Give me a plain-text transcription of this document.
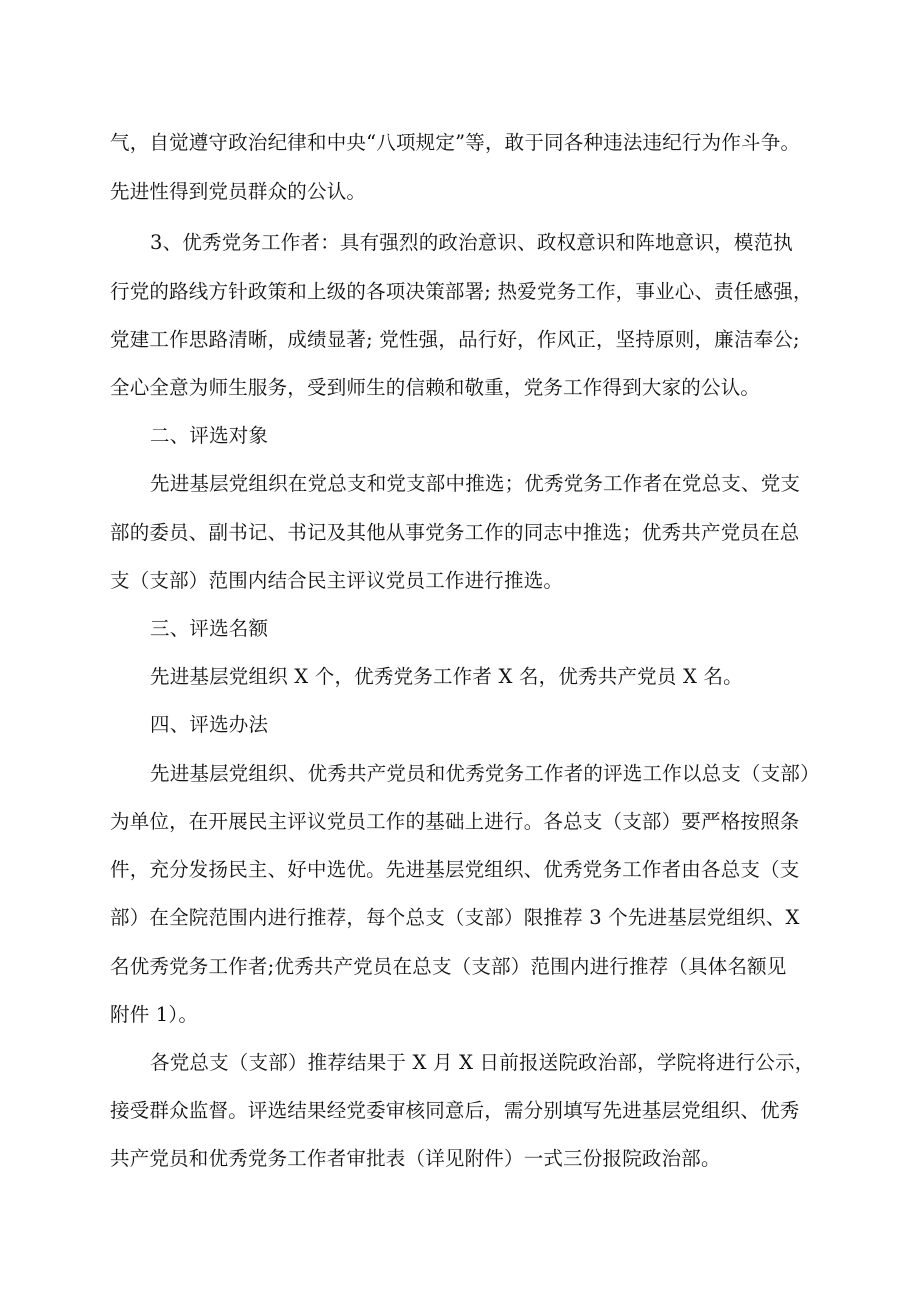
气，自觉遵守政治纪律和中央“八项规定”等，敢于同各种违法违纪行为作斗争。
先进性得到党员群众的公认。
3、优秀党务工作者：具有强烈的政治意识、政权意识和阵地意识，模范执
行党的路线方针政策和上级的各项决策部署; 热爱党务工作，事业心、责任感强，
党建工作思路清晰，成绩显著; 党性强，品行好，作风正，坚持原则，廉洁奉公;
全心全意为师生服务，受到师生的信赖和敬重，党务工作得到大家的公认。
二、评选对象
先进基层党组织在党总支和党支部中推选；优秀党务工作者在党总支、党支
部的委员、副书记、书记及其他从事党务工作的同志中推选；优秀共产党员在总
支（支部）范围内结合民主评议党员工作进行推选。
三、评选名额
先进基层党组织 X 个，优秀党务工作者 X 名，优秀共产党员 X 名。
四、评选办法
先进基层党组织、优秀共产党员和优秀党务工作者的评选工作以总支（支部）
为单位，在开展民主评议党员工作的基础上进行。各总支（支部）要严格按照条
件，充分发扬民主、好中选优。先进基层党组织、优秀党务工作者由各总支（支
部）在全院范围内进行推荐，每个总支（支部）限推荐 3 个先进基层党组织、X
名优秀党务工作者;优秀共产党员在总支（支部）范围内进行推荐（具体名额见
附件 1）。
各党总支（支部）推荐结果于 X 月 X 日前报送院政治部，学院将进行公示，
接受群众监督。评选结果经党委审核同意后，需分别填写先进基层党组织、优秀
共产党员和优秀党务工作者审批表（详见附件）一式三份报院政治部。
